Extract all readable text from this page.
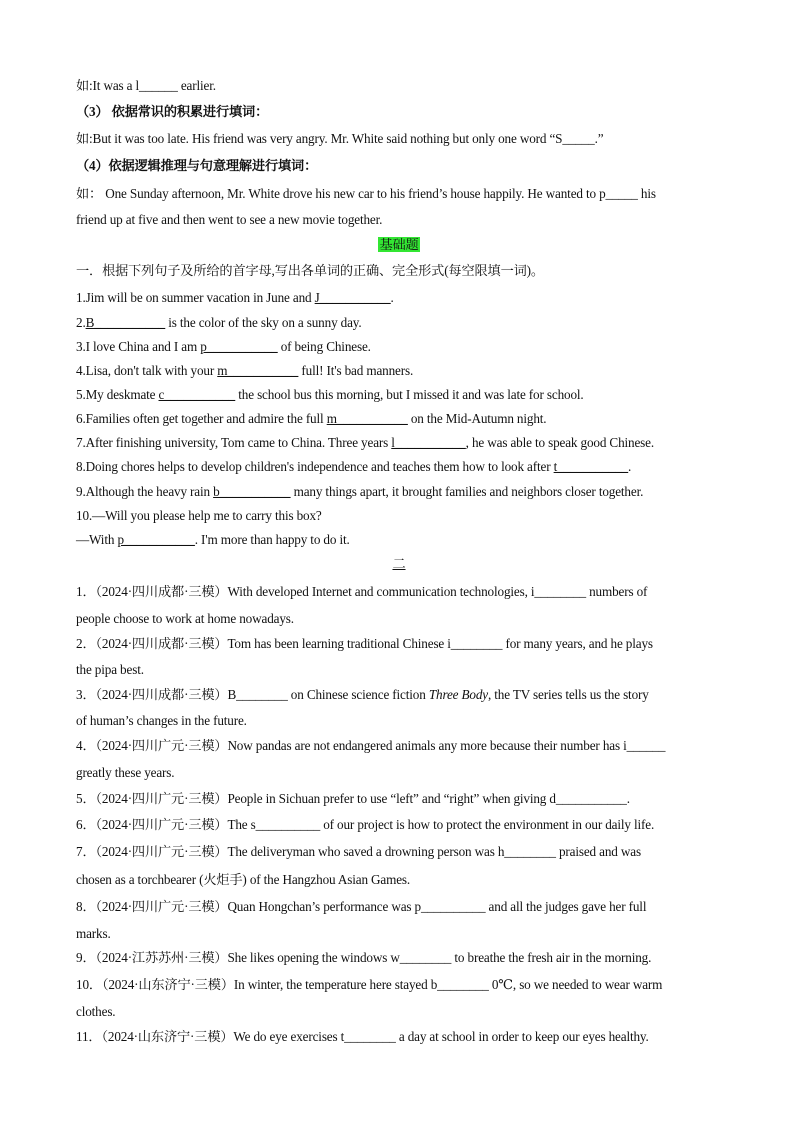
如:It was a l______ earlier.
（3） 依据常识的积累进行填词：
如:But it was too late. His friend was very angry. Mr. White said nothing but only one word “S_____.”
（4）依据逻辑推理与句意理解进行填词：
如： One Sunday afternoon, Mr. White drove his new car to his friend’s house happily. He wanted to p_____ his
friend up at five and then went to see a new movie together.
基础题
一．根据下列句子及所给的首字母,写出各单词的正确、完全形式(每空限填一词)。
1.Jim will be on summer vacation in June and J___________.
2.B___________ is the color of the sky on a sunny day.
3.I love China and I am p___________ of being Chinese.
4.Lisa, don't talk with your m___________ full! It's bad manners.
5.My deskmate c___________ the school bus this morning, but I missed it and was late for school.
6.Families often get together and admire the full m___________ on the Mid-Autumn night.
7.After finishing university, Tom came to China. Three years l___________, he was able to speak good Chinese.
8.Doing chores helps to develop children's independence and teaches them how to look after t___________.
9.Although the heavy rain b___________ many things apart, it brought families and neighbors closer together.
10.—Will you please help me to carry this box?
—With p___________. I'm more than happy to do it.
二
1．（2024·四川成都·三模）With developed Internet and communication technologies, i________ numbers of
people choose to work at home nowadays.
2．（2024·四川成都·三模）Tom has been learning traditional Chinese i________ for many years, and he plays
the pipa best.
3．（2024·四川成都·三模）B________ on Chinese science fiction Three Body, the TV series tells us the story
of human’s changes in the future.
4．（2024·四川广元·三模）Now pandas are not endangered animals any more because their number has i______
greatly these years.
5．（2024·四川广元·三模）People in Sichuan prefer to use “left” and “right” when giving d___________.
6．（2024·四川广元·三模）The s__________ of our project is how to protect the environment in our daily life.
7．（2024·四川广元·三模）The deliveryman who saved a drowning person was h________ praised and was
chosen as a torchbearer (火炬手) of the Hangzhou Asian Games.
8．（2024·四川广元·三模）Quan Hongchan’s performance was p__________ and all the judges gave her full
marks.
9．（2024·江苏苏州·三模）She likes opening the windows w________ to breathe the fresh air in the morning.
10．（2024·山东济宁·三模）In winter, the temperature here stayed b________ 0℃, so we needed to wear warm
clothes.
11．（2024·山东济宁·三模）We do eye exercises t________ a day at school in order to keep our eyes healthy.
